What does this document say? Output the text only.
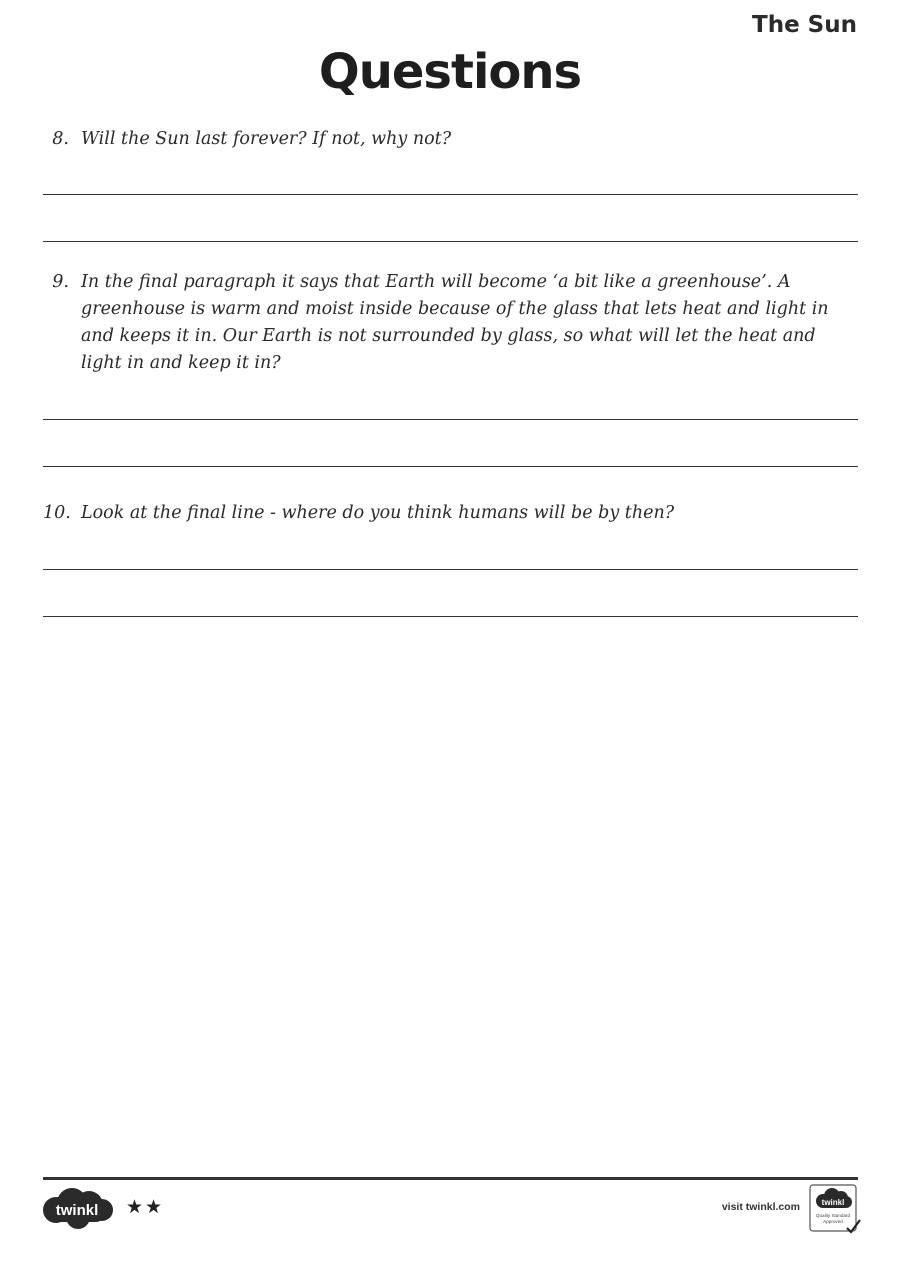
The Sun
Questions
8. Will the Sun last forever? If not, why not?
9. In the final paragraph it says that Earth will become ‘a bit like a greenhouse’. A greenhouse is warm and moist inside because of the glass that lets heat and light in and keeps it in. Our Earth is not surrounded by glass, so what will let the heat and light in and keep it in?
10. Look at the final line - where do you think humans will be by then?
twinkl ★★	visit twinkl.com	twinkl
Quality Standard
Approved
